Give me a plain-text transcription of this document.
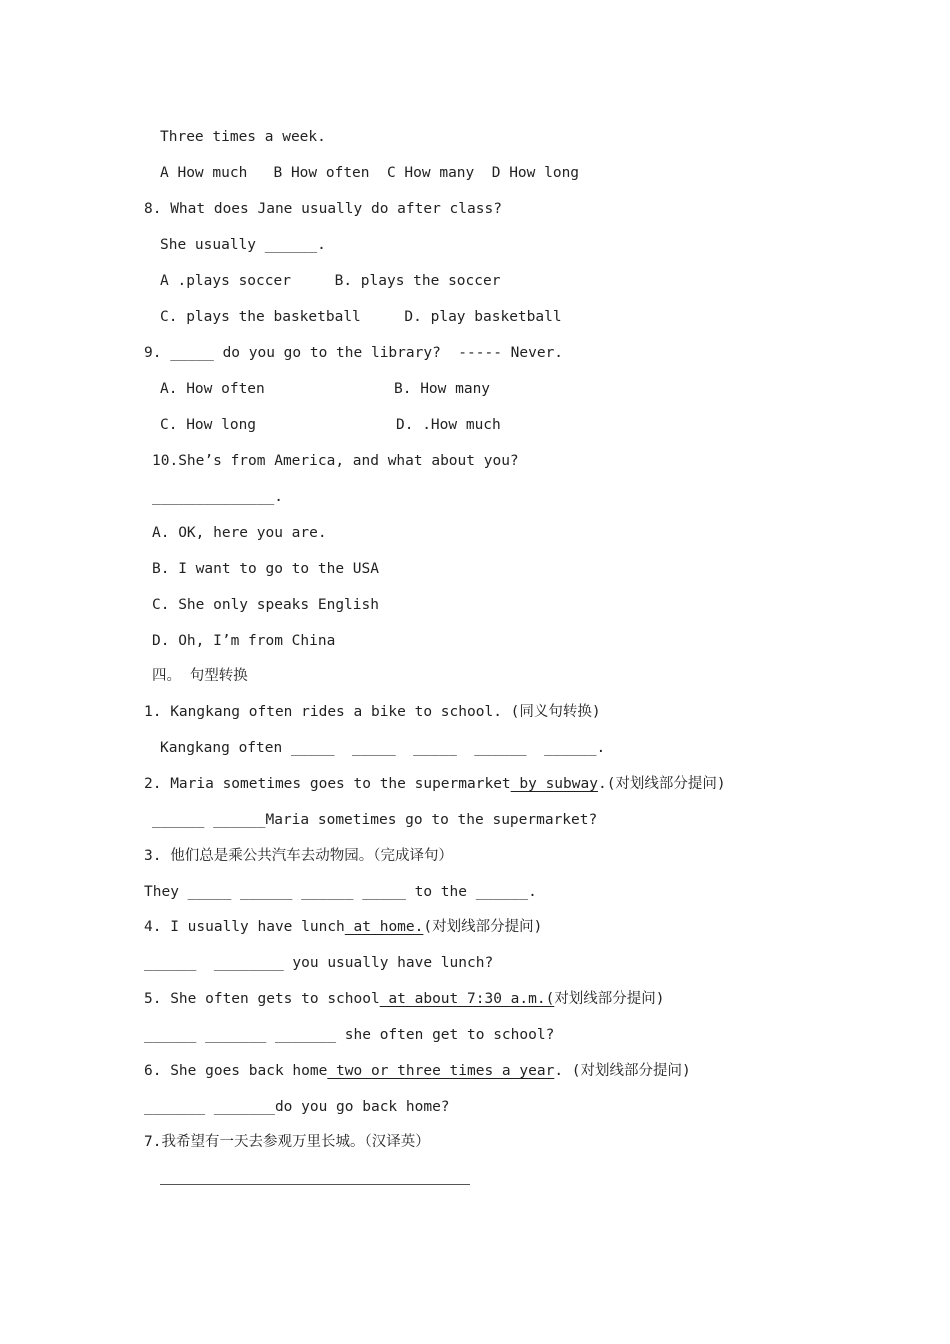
Three times a week.
A How much   B How often  C How many  D How long
8. What does Jane usually do after class?
She usually ______.
A .plays soccer     B. plays the soccer
C. plays the basketball     D. play basketball
9. _____ do you go to the library?  ----- Never.
A. How often	B. How many
C. How long	D. .How much
10.She’s from America, and what about you?
______________.
A. OK, here you are.
B. I want to go to the USA
C. She only speaks English
D. Oh, I’m from China
四。 句型转换
1. Kangkang often rides a bike to school. (同义句转换)
Kangkang often _____  _____  _____  ______  ______.
2. Maria sometimes goes to the supermarket by subway.(对划线部分提问)
______ ______Maria sometimes go to the supermarket?
3. 他们总是乘公共汽车去动物园。（完成译句）
They _____ ______ ______ _____ to the ______.
4. I usually have lunch at home.(对划线部分提问)
______  ________ you usually have lunch?
5. She often gets to school at about 7:30 a.m.(对划线部分提问)
______ _______ _______ she often get to school?
6. She goes back home two or three times a year. (对划线部分提问)
_______ _______do you go back home?
7.我希望有一天去参观万里长城。（汉译英）
